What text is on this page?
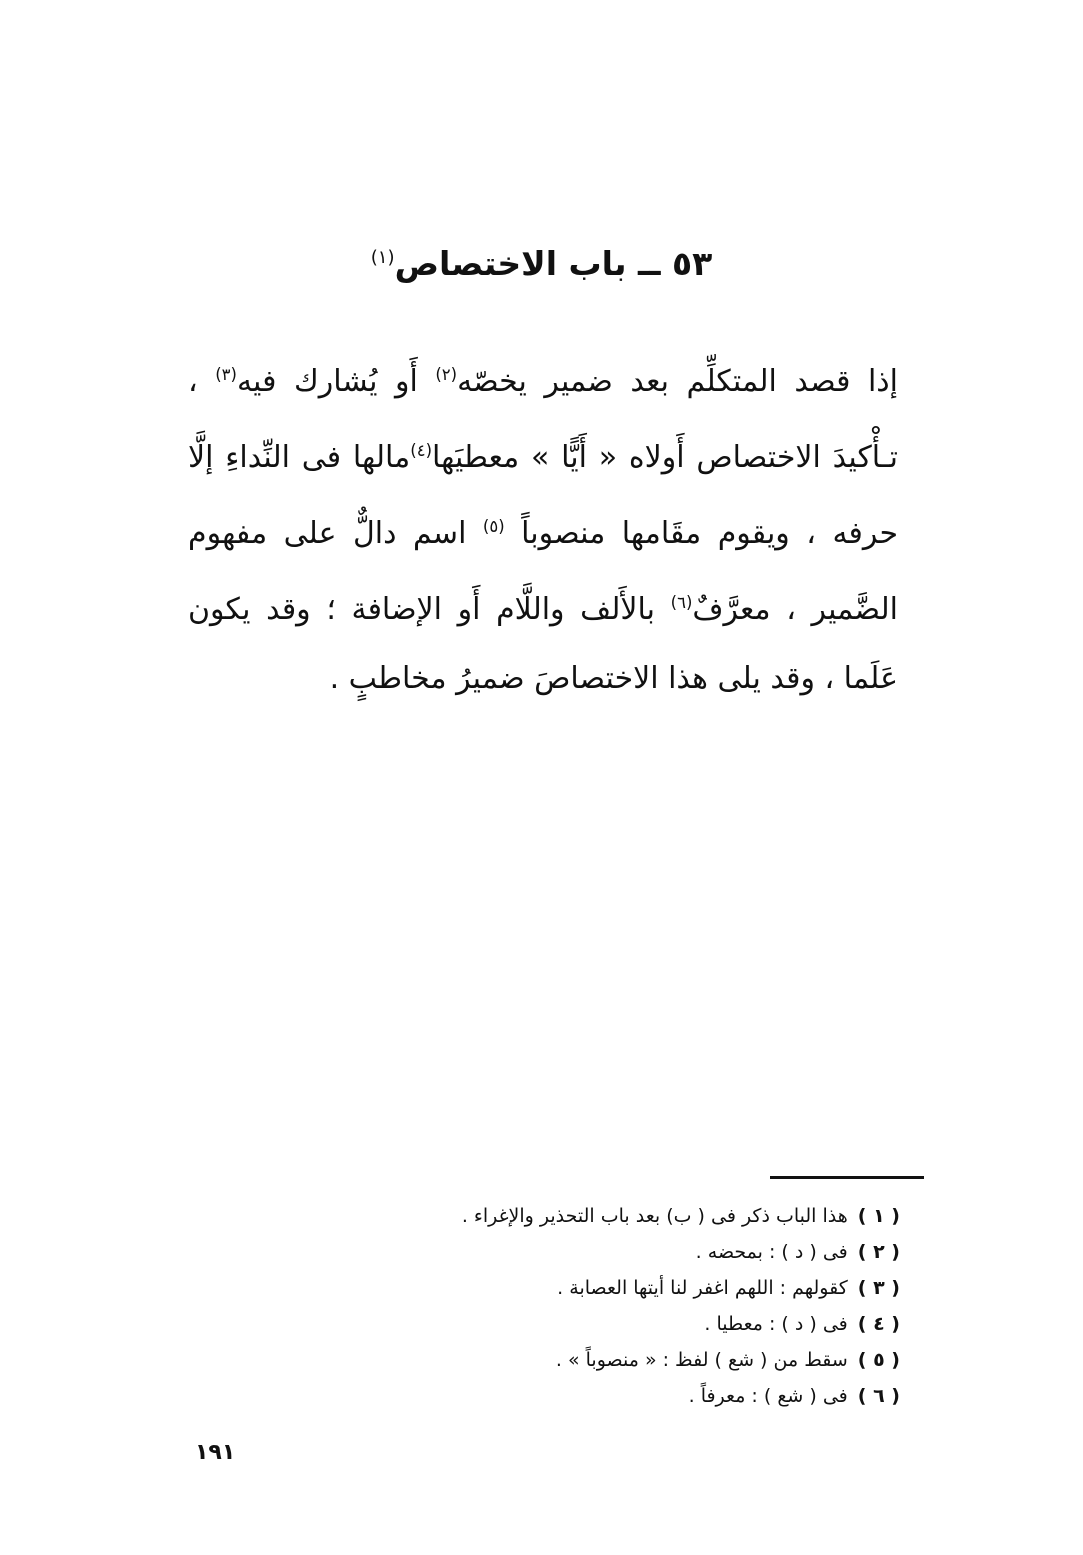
٥٣ ــ باب الاختصاص$^{(١)}$

إذا قصد المتكلِّم بعد ضمير يخصّه$^{(٢)}$ أَو يُشارك فيه$^{(٣)}$ ، تـأْكيدَ الاختصاص أَولاه « أَيًّا » معطيَها$^{(٤)}$مالها فى النِّداءِ إلَّا حرفه ، ويقوم مقَامها منصوباً $^{(٥)}$ اسم دالٌّ على مفهوم الضَّمير ، معرَّفٌ$^{(٦)}$ بالأَلف واللَّام أَو الإضافة ؛ وقد يكون عَلَما ، وقد يلى هذا الاختصاصَ ضميرُ مخاطبٍ .

( ١ )هذا الباب ذكر فى ( ب) بعد باب التحذير والإغراء .
( ٢ )فى ( د ) : بمحضه .
( ٣ )كقولهم : اللهم اغفر لنا أيتها العصابة .
( ٤ )فى ( د ) : معطيا .
( ٥ )سقط من ( شع ) لفظ : « منصوباً » .
( ٦ )فى ( شع ) : معرفاً .
١٩١
